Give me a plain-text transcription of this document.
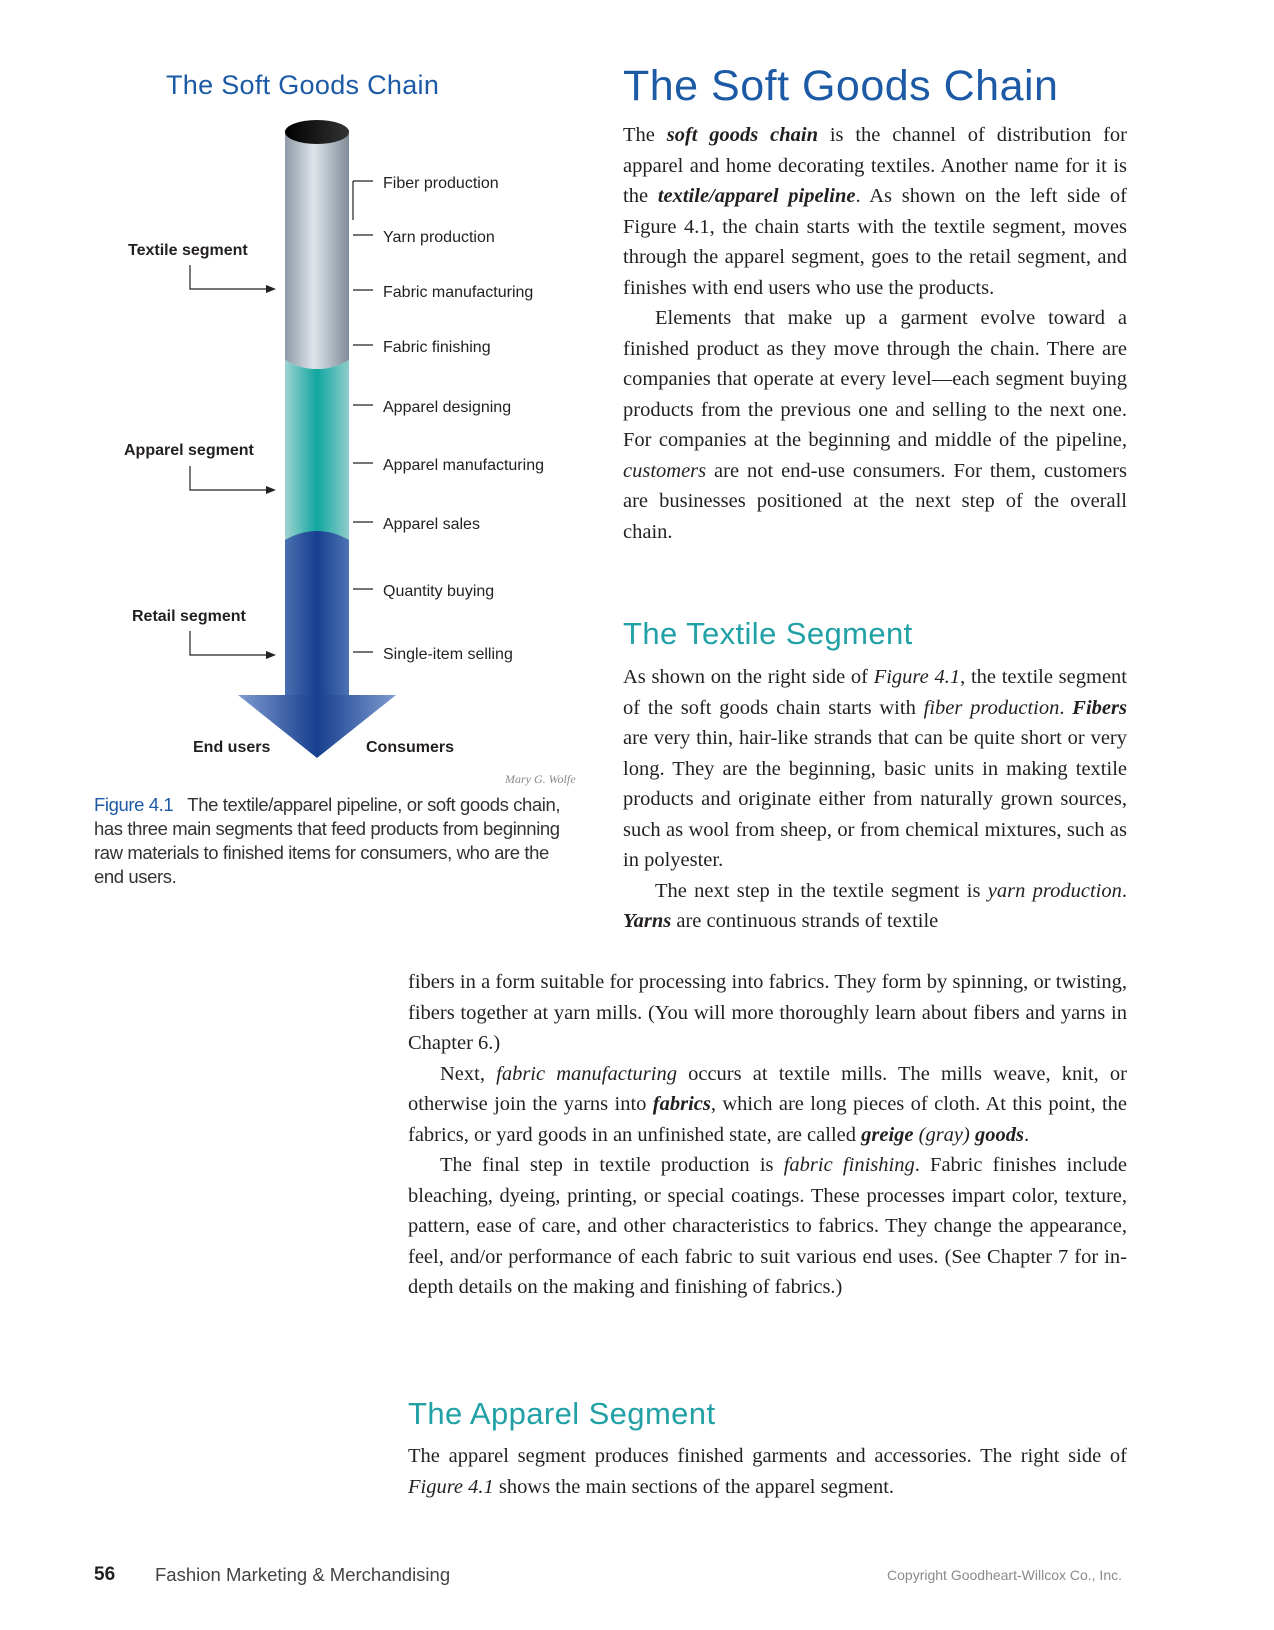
The Soft Goods Chain
Fiber production
Yarn production
Fabric manufacturing
Fabric finishing
Apparel designing
Apparel manufacturing
Apparel sales
Quantity buying
Single-item selling
Textile segment
Apparel segment
Retail segment
End users	Consumers
Mary G. Wolfe
Figure 4.1 The textile/apparel pipeline, or soft goods chain, has three main segments that feed products from beginning raw materials to finished items for consumers, who are the end users.
The Soft Goods Chain

The soft goods chain is the channel of distribution for apparel and home decorating textiles. Another name for it is the textile/apparel pipeline. As shown on the left side of Figure 4.1, the chain starts with the textile segment, moves through the apparel segment, goes to the retail segment, and finishes with end users who use the products.

Elements that make up a garment evolve toward a finished product as they move through the chain. There are companies that operate at every level—each segment buying products from the previous one and selling to the next one. For companies at the beginning and middle of the pipeline, customers are not end-use consumers. For them, customers are businesses positioned at the next step of the overall chain.

The Textile Segment

As shown on the right side of Figure 4.1, the textile segment of the soft goods chain starts with fiber production. Fibers are very thin, hair-like strands that can be quite short or very long. They are the beginning, basic units in making textile products and originate either from naturally grown sources, such as wool from sheep, or from chemical mixtures, such as in polyester.

The next step in the textile segment is yarn production. Yarns are continuous strands of textile

fibers in a form suitable for processing into fabrics. They form by spinning, or twisting, fibers together at yarn mills. (You will more thoroughly learn about fibers and yarns in Chapter 6.)

Next, fabric manufacturing occurs at textile mills. The mills weave, knit, or otherwise join the yarns into fabrics, which are long pieces of cloth. At this point, the fabrics, or yard goods in an unfinished state, are called greige (gray) goods.

The final step in textile production is fabric finishing. Fabric finishes include bleaching, dyeing, printing, or special coatings. These processes impart color, texture, pattern, ease of care, and other characteristics to fabrics. They change the appearance, feel, and/or performance of each fabric to suit various end uses. (See Chapter 7 for in-depth details on the making and finishing of fabrics.)

The Apparel Segment

The apparel segment produces finished garments and accessories. The right side of Figure 4.1 shows the main sections of the apparel segment.

56 Fashion Marketing & Merchandising	Copyright Goodheart-Willcox Co., Inc.
